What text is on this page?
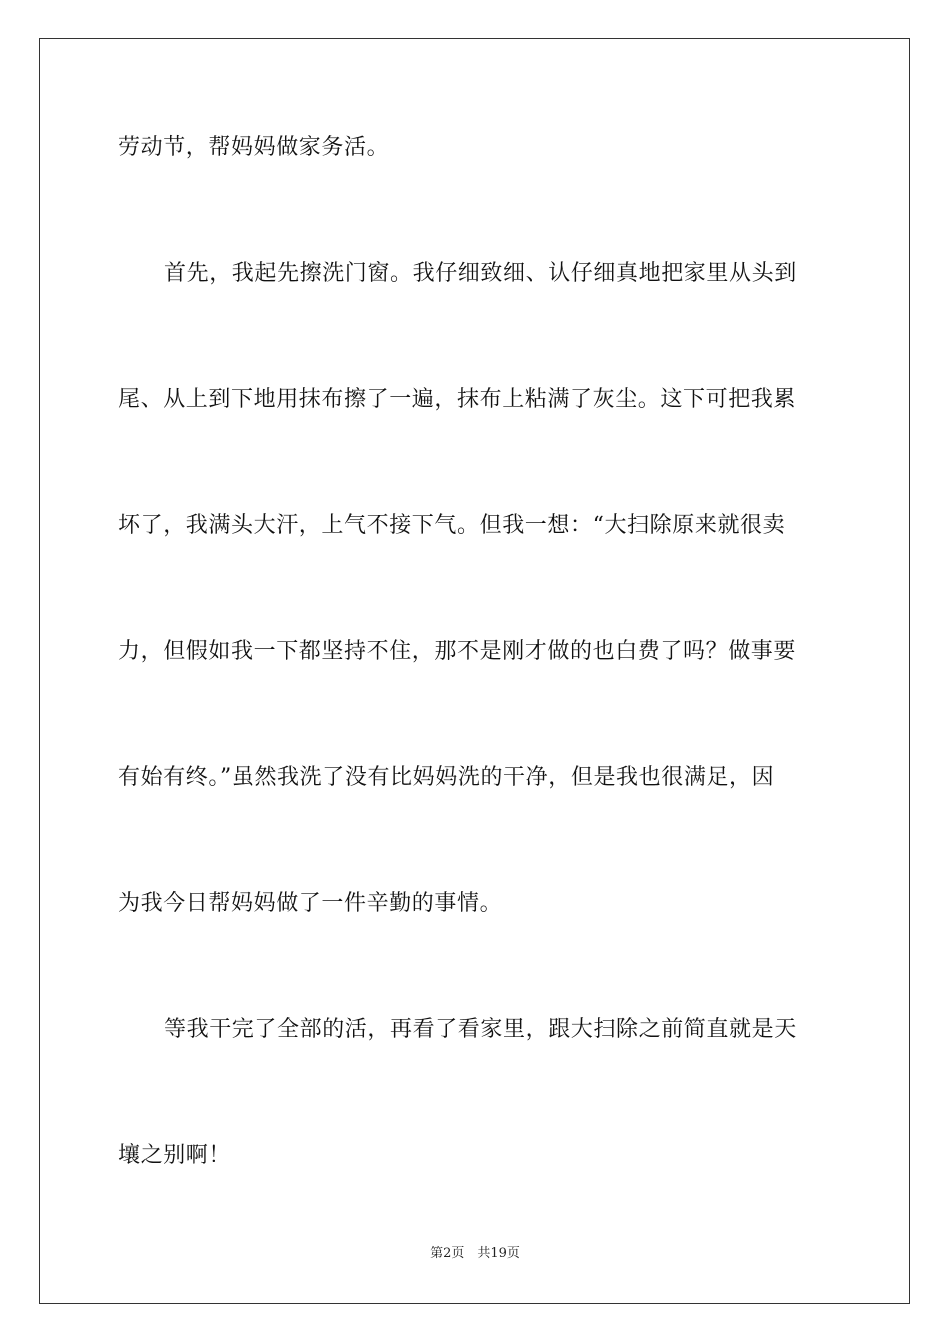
劳动节，帮妈妈做家务活。
首先，我起先擦洗门窗。我仔细致细、认仔细真地把家里从头到
尾、从上到下地用抹布擦了一遍，抹布上粘满了灰尘。这下可把我累
坏了，我满头大汗，上气不接下气。但我一想：“大扫除原来就很卖
力，但假如我一下都坚持不住，那不是刚才做的也白费了吗？做事要
有始有终。”虽然我洗了没有比妈妈洗的干净，但是我也很满足，因
为我今日帮妈妈做了一件辛勤的事情。
等我干完了全部的活，再看了看家里，跟大扫除之前简直就是天
壤之别啊！
第2页　共19页
